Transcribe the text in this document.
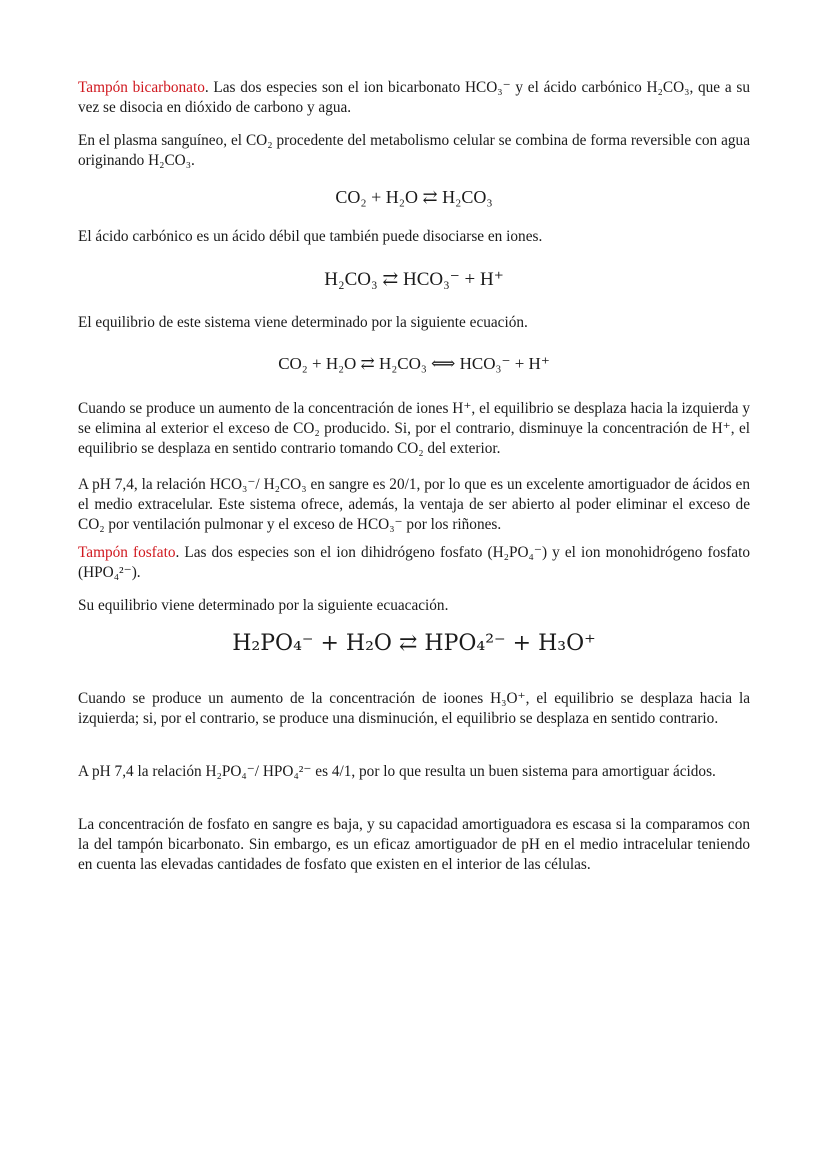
Tampón bicarbonato. Las dos especies son el ion bicarbonato HCO₃⁻ y el ácido carbónico H₂CO₃, que a su vez se disocia en dióxido de carbono y agua.
En el plasma sanguíneo, el CO₂ procedente del metabolismo celular se combina de forma reversible con agua originando H₂CO₃.
CO₂ + H₂O ⇄ H₂CO₃
El ácido carbónico es un ácido débil que también puede disociarse en iones.
H₂CO₃ ⇄ HCO₃⁻ + H⁺
El equilibrio de este sistema viene determinado por la siguiente ecuación.
CO₂ + H₂O ⇄ H₂CO₃ ⟺ HCO₃⁻ + H⁺
Cuando se produce un aumento de la concentración de iones H⁺, el equilibrio se desplaza hacia la izquierda y se elimina al exterior el exceso de CO₂ producido. Si, por el contrario, disminuye la concentración de H⁺, el equilibrio se desplaza en sentido contrario tomando CO₂ del exterior.
A pH 7,4, la relación HCO₃⁻/ H₂CO₃ en sangre es 20/1, por lo que es un excelente amortiguador de ácidos en el medio extracelular. Este sistema ofrece, además, la ventaja de ser abierto al poder eliminar el exceso de CO₂ por ventilación pulmonar y el exceso de HCO₃⁻ por los riñones.
Tampón fosfato. Las dos especies son el ion dihidrógeno fosfato (H₂PO₄⁻) y el ion monohidrógeno fosfato (HPO₄²⁻).
Su equilibrio viene determinado por la siguiente ecuacación.
H₂PO₄⁻ + H₂O ⇄ HPO₄²⁻ + H₃O⁺
Cuando se produce un aumento de la concentración de ioones H₃O⁺, el equilibrio se desplaza hacia la izquierda; si, por el contrario, se produce una disminución, el equilibrio se desplaza en sentido contrario.
A pH 7,4 la relación H₂PO₄⁻/ HPO₄²⁻ es 4/1, por lo que resulta un buen sistema para amortiguar ácidos.
La concentración de fosfato en sangre es baja, y su capacidad amortiguadora es escasa si la comparamos con la del tampón bicarbonato. Sin embargo, es un eficaz amortiguador de pH en el medio intracelular teniendo en cuenta las elevadas cantidades de fosfato que existen en el interior de las células.
